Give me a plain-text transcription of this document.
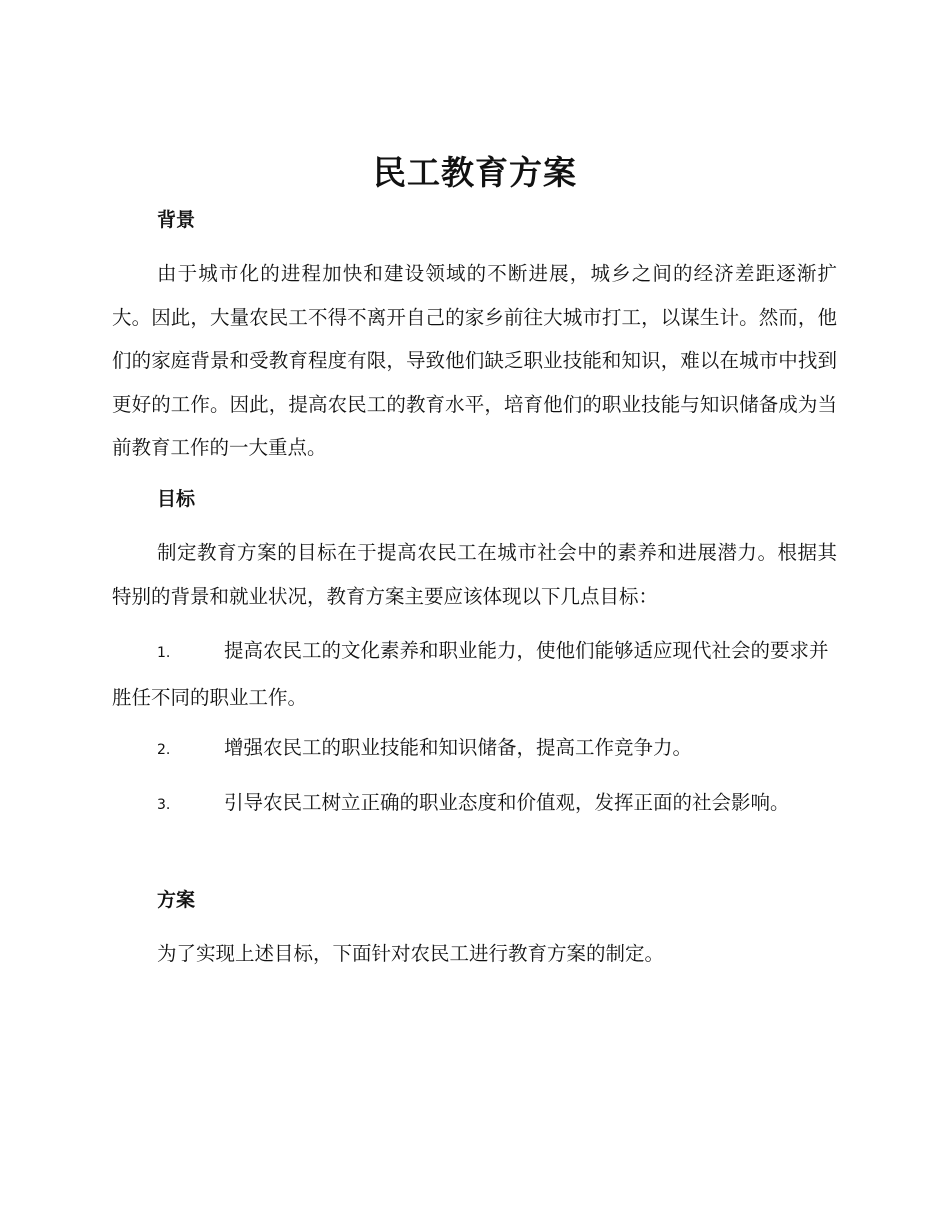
民工教育方案
背景

由于城市化的进程加快和建设领域的不断进展，城乡之间的经济差距逐渐扩大。因此，大量农民工不得不离开自己的家乡前往大城市打工，以谋生计。然而，他们的家庭背景和受教育程度有限，导致他们缺乏职业技能和知识，难以在城市中找到更好的工作。因此，提高农民工的教育水平，培育他们的职业技能与知识储备成为当前教育工作的一大重点。

目标

制定教育方案的目标在于提高农民工在城市社会中的素养和进展潜力。根据其特别的背景和就业状况，教育方案主要应该体现以下几点目标：

1.	提高农民工的文化素养和职业能力，使他们能够适应现代社会的要求并胜任不同的职业工作。
2.	增强农民工的职业技能和知识储备，提高工作竞争力。
3.	引导农民工树立正确的职业态度和价值观，发挥正面的社会影响。
方案

为了实现上述目标，下面针对农民工进行教育方案的制定。
